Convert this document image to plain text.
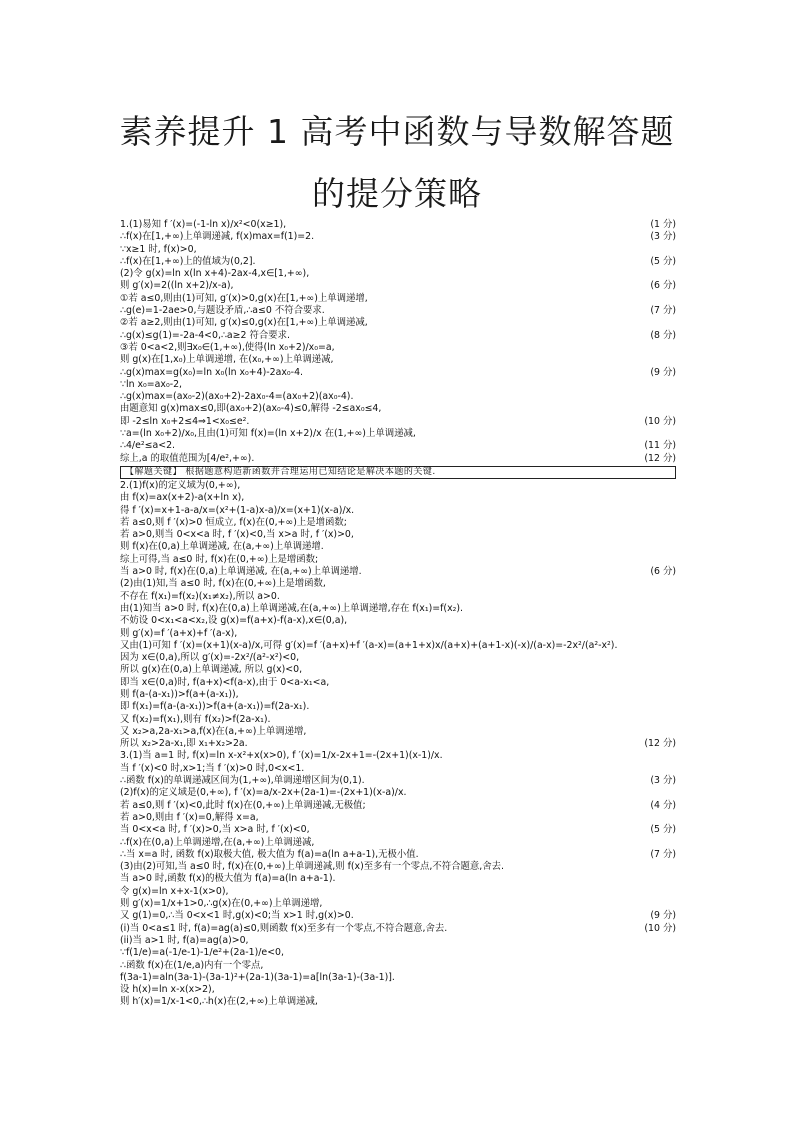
素养提升 1 高考中函数与导数解答题
的提分策略
1.(1)易知 f ′(x)=(-1-ln x)/x²<0(x≥1),	(1 分)
∴f(x)在[1,+∞)上单调递减, f(x)max=f(1)=2.	(3 分)
∵x≥1 时, f(x)>0,
∴f(x)在[1,+∞)上的值域为(0,2].	(5 分)
(2)令 g(x)=ln x(ln x+4)-2ax-4,x∈[1,+∞),
则 g′(x)=2((ln x+2)/x-a),	(6 分)
①若 a≤0,则由(1)可知, g′(x)>0,g(x)在[1,+∞)上单调递增,
∴g(e)=1-2ae>0,与题设矛盾,∴a≤0 不符合要求.	(7 分)
②若 a≥2,则由(1)可知, g′(x)≤0,g(x)在[1,+∞)上单调递减,
∴g(x)≤g(1)=-2a-4<0,∴a≥2 符合要求.	(8 分)
③若 0<a<2,则∃x₀∈(1,+∞),使得(ln x₀+2)/x₀=a,
则 g(x)在[1,x₀)上单调递增, 在(x₀,+∞)上单调递减,
∴g(x)max=g(x₀)=ln x₀(ln x₀+4)-2ax₀-4.	(9 分)
∵ln x₀=ax₀-2,
∴g(x)max=(ax₀-2)(ax₀+2)-2ax₀-4=(ax₀+2)(ax₀-4).
由题意知 g(x)max≤0,即(ax₀+2)(ax₀-4)≤0,解得 -2≤ax₀≤4,
即 -2≤ln x₀+2≤4⇒1<x₀≤e².	(10 分)
∵a=(ln x₀+2)/x₀,且由(1)可知 f(x)=(ln x+2)/x 在(1,+∞)上单调递减,
∴4/e²≤a<2.	(11 分)
综上,a 的取值范围为[4/e²,+∞).	(12 分)
【解题关键】 根据题意构造新函数并合理运用已知结论是解决本题的关键.
2.(1)f(x)的定义域为(0,+∞),
由 f(x)=ax(x+2)-a(x+ln x),
得 f ′(x)=x+1-a-a/x=(x²+(1-a)x-a)/x=(x+1)(x-a)/x.
若 a≤0,则 f ′(x)>0 恒成立, f(x)在(0,+∞)上是增函数;
若 a>0,则当 0<x<a 时, f ′(x)<0,当 x>a 时, f ′(x)>0,
则 f(x)在(0,a)上单调递减, 在(a,+∞)上单调递增.
综上可得,当 a≤0 时, f(x)在(0,+∞)上是增函数;
当 a>0 时, f(x)在(0,a)上单调递减, 在(a,+∞)上单调递增.	(6 分)
(2)由(1)知,当 a≤0 时, f(x)在(0,+∞)上是增函数,
不存在 f(x₁)=f(x₂)(x₁≠x₂),所以 a>0.
由(1)知当 a>0 时, f(x)在(0,a)上单调递减,在(a,+∞)上单调递增,存在 f(x₁)=f(x₂).
不妨设 0<x₁<a<x₂,设 g(x)=f(a+x)-f(a-x),x∈(0,a),
则 g′(x)=f ′(a+x)+f ′(a-x),
又由(1)可知 f ′(x)=(x+1)(x-a)/x,可得 g′(x)=f ′(a+x)+f ′(a-x)=(a+1+x)x/(a+x)+(a+1-x)(-x)/(a-x)=-2x²/(a²-x²).
因为 x∈(0,a),所以 g′(x)=-2x²/(a²-x²)<0,
所以 g(x)在(0,a)上单调递减, 所以 g(x)<0,
即当 x∈(0,a)时, f(a+x)<f(a-x),由于 0<a-x₁<a,
则 f(a-(a-x₁))>f(a+(a-x₁)),
即 f(x₁)=f(a-(a-x₁))>f(a+(a-x₁))=f(2a-x₁).
又 f(x₂)=f(x₁),则有 f(x₂)>f(2a-x₁).
又 x₂>a,2a-x₁>a,f(x)在(a,+∞)上单调递增,
所以 x₂>2a-x₁,即 x₁+x₂>2a.	(12 分)
3.(1)当 a=1 时, f(x)=ln x-x²+x(x>0), f ′(x)=1/x-2x+1=-(2x+1)(x-1)/x.
当 f ′(x)<0 时,x>1;当 f ′(x)>0 时,0<x<1.
∴函数 f(x)的单调递减区间为(1,+∞),单调递增区间为(0,1).	(3 分)
(2)f(x)的定义域是(0,+∞), f ′(x)=a/x-2x+(2a-1)=-(2x+1)(x-a)/x.
若 a≤0,则 f ′(x)<0,此时 f(x)在(0,+∞)上单调递减,无极值;	(4 分)
若 a>0,则由 f ′(x)=0,解得 x=a,
当 0<x<a 时, f ′(x)>0,当 x>a 时, f ′(x)<0,	(5 分)
∴f(x)在(0,a)上单调递增,在(a,+∞)上单调递减,
∴当 x=a 时, 函数 f(x)取极大值, 极大值为 f(a)=a(ln a+a-1),无极小值.	(7 分)
(3)由(2)可知,当 a≤0 时, f(x)在(0,+∞)上单调递减,则 f(x)至多有一个零点,不符合题意,舍去.
当 a>0 时,函数 f(x)的极大值为 f(a)=a(ln a+a-1).
令 g(x)=ln x+x-1(x>0),
则 g′(x)=1/x+1>0,∴g(x)在(0,+∞)上单调递增,
又 g(1)=0,∴当 0<x<1 时,g(x)<0;当 x>1 时,g(x)>0.	(9 分)
(i)当 0<a≤1 时, f(a)=ag(a)≤0,则函数 f(x)至多有一个零点,不符合题意,舍去.	(10 分)
(ii)当 a>1 时, f(a)=ag(a)>0,
∵f(1/e)=a(-1/e-1)-1/e²+(2a-1)/e<0,
∴函数 f(x)在(1/e,a)内有一个零点,
f(3a-1)=aln(3a-1)-(3a-1)²+(2a-1)(3a-1)=a[ln(3a-1)-(3a-1)].
设 h(x)=ln x-x(x>2),
则 h′(x)=1/x-1<0,∴h(x)在(2,+∞)上单调递减,
